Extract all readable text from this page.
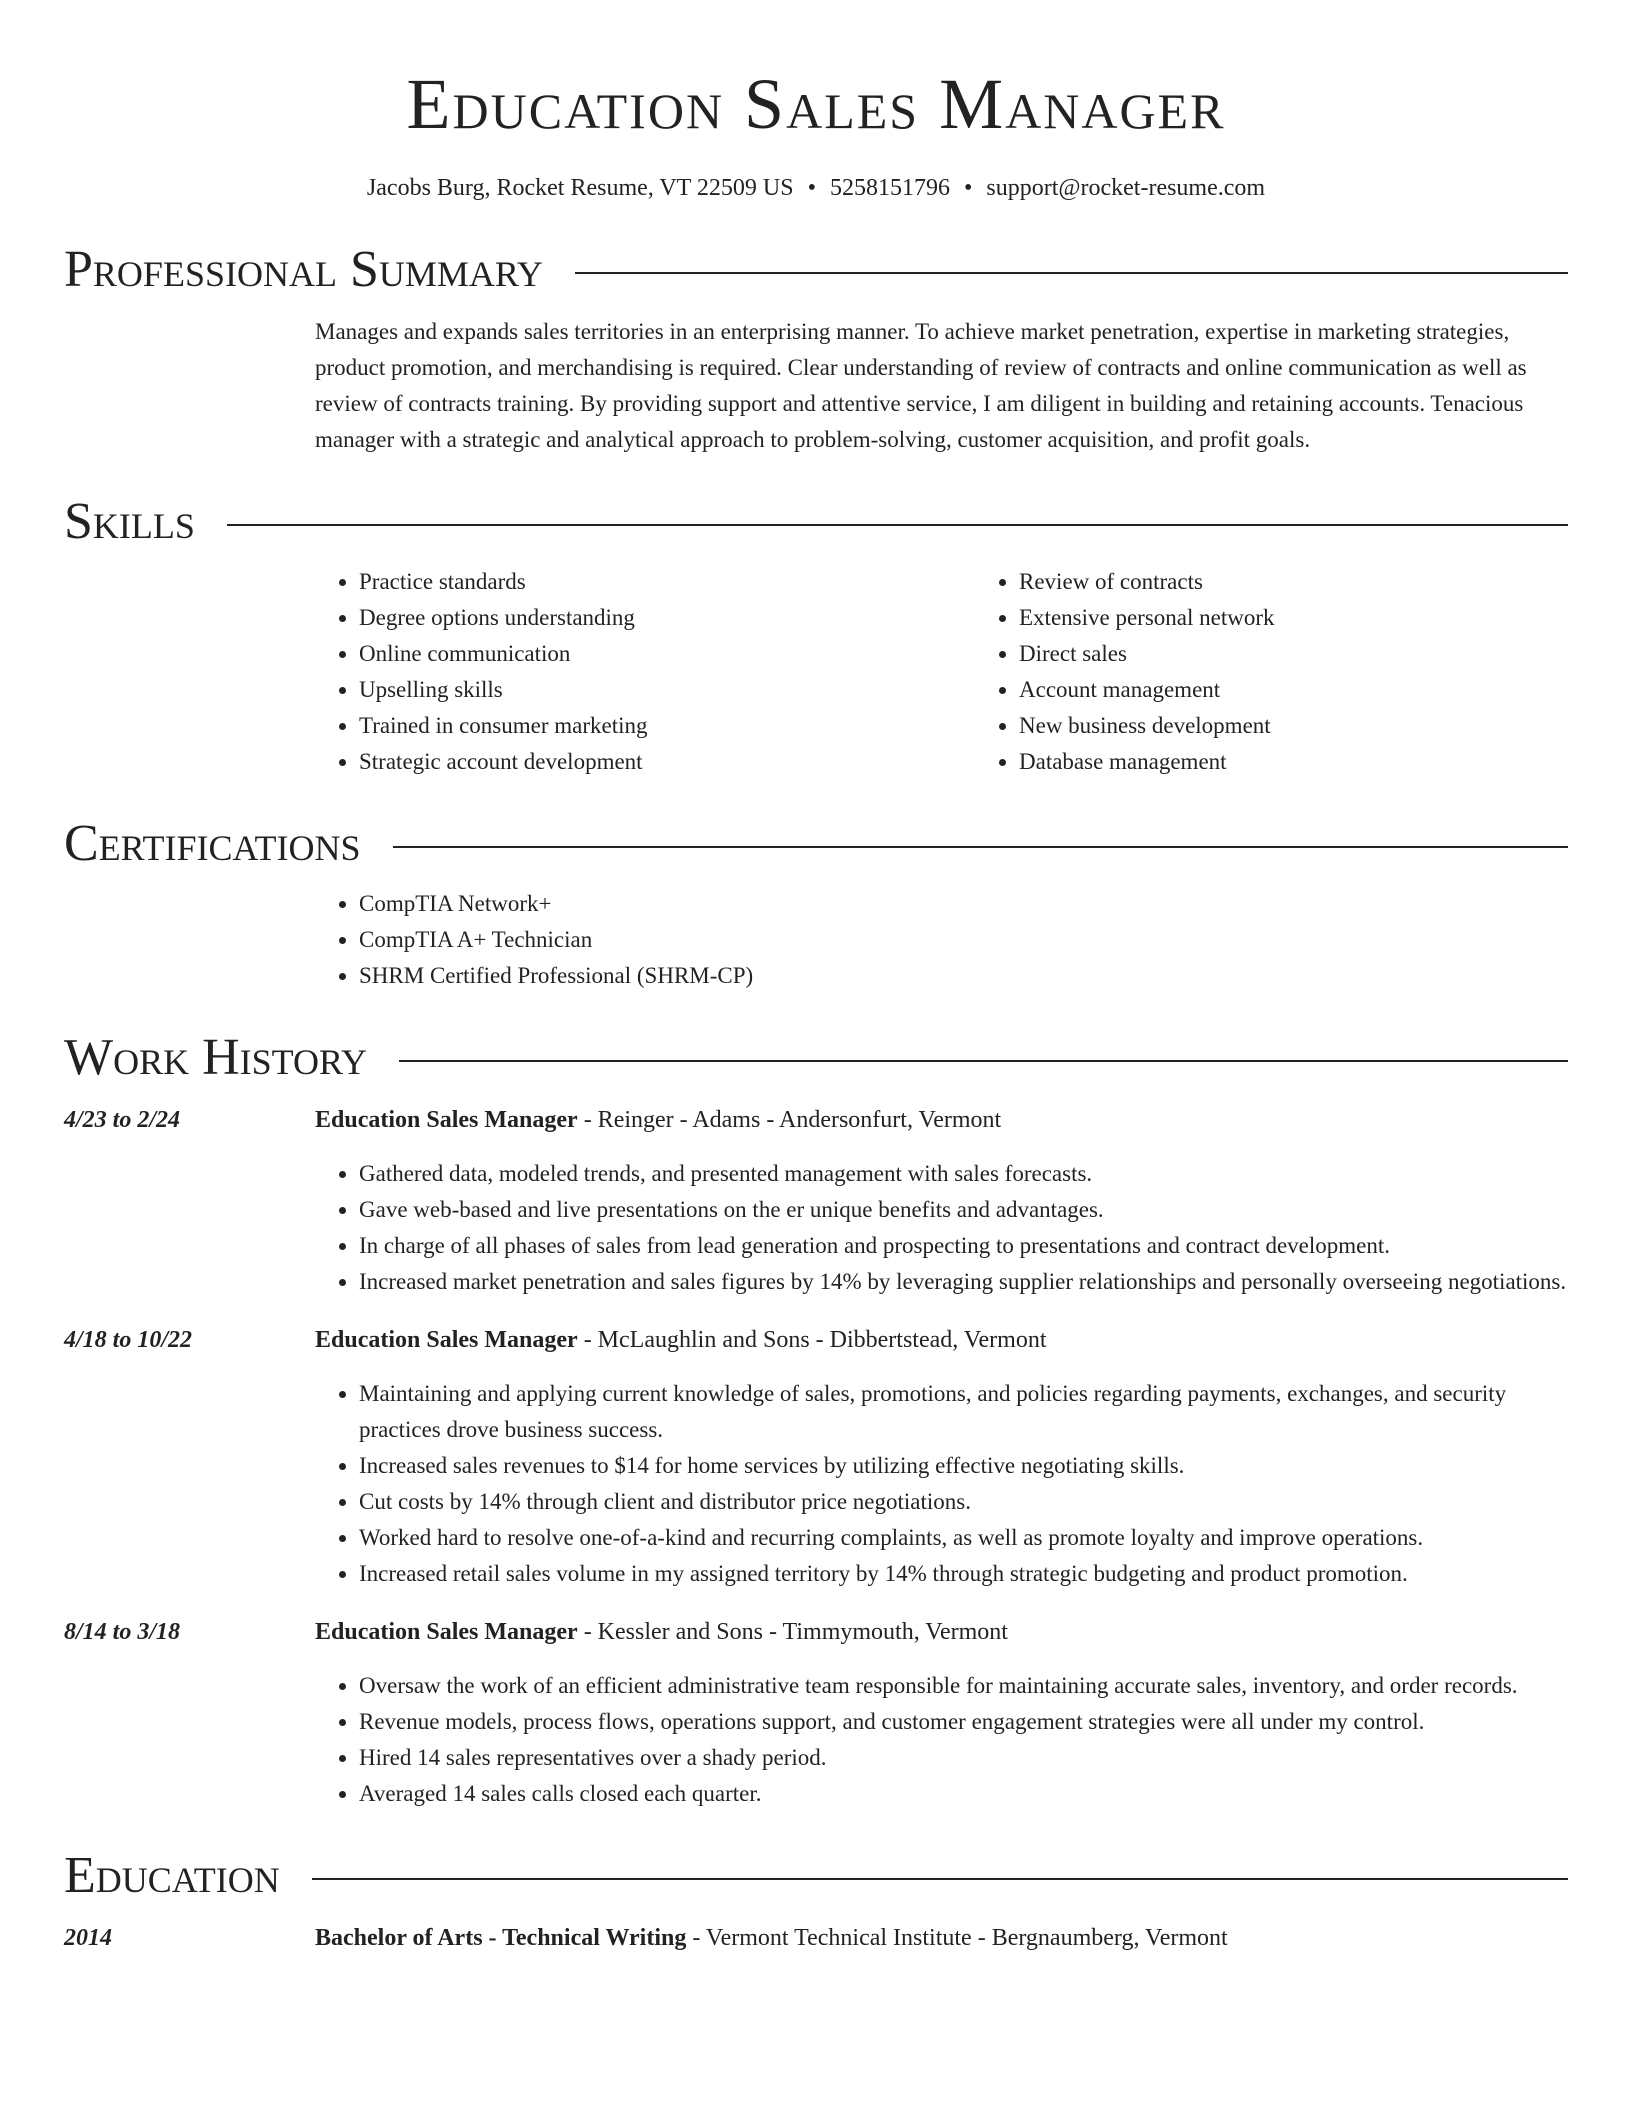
Education Sales Manager
Jacobs Burg, Rocket Resume, VT 22509 US • 5258151796 • support@rocket-resume.com
Professional Summary
Manages and expands sales territories in an enterprising manner. To achieve market penetration, expertise in marketing strategies, product promotion, and merchandising is required. Clear understanding of review of contracts and online communication as well as review of contracts training. By providing support and attentive service, I am diligent in building and retaining accounts. Tenacious manager with a strategic and analytical approach to problem-solving, customer acquisition, and profit goals.
Skills
• Practice standards
• Degree options understanding
• Online communication
• Upselling skills
• Trained in consumer marketing
• Strategic account development
• Review of contracts
• Extensive personal network
• Direct sales
• Account management
• New business development
• Database management
Certifications
• CompTIA Network+
• CompTIA A+ Technician
• SHRM Certified Professional (SHRM-CP)
Work History
4/23 to 2/24	Education Sales Manager - Reinger - Adams - Andersonfurt, Vermont
• Gathered data, modeled trends, and presented management with sales forecasts.
• Gave web-based and live presentations on the er unique benefits and advantages.
• In charge of all phases of sales from lead generation and prospecting to presentations and contract development.
• Increased market penetration and sales figures by 14% by leveraging supplier relationships and personally overseeing negotiations.
4/18 to 10/22	Education Sales Manager - McLaughlin and Sons - Dibbertstead, Vermont
• Maintaining and applying current knowledge of sales, promotions, and policies regarding payments, exchanges, and security practices drove business success.
• Increased sales revenues to $14 for home services by utilizing effective negotiating skills.
• Cut costs by 14% through client and distributor price negotiations.
• Worked hard to resolve one-of-a-kind and recurring complaints, as well as promote loyalty and improve operations.
• Increased retail sales volume in my assigned territory by 14% through strategic budgeting and product promotion.
8/14 to 3/18	Education Sales Manager - Kessler and Sons - Timmymouth, Vermont
• Oversaw the work of an efficient administrative team responsible for maintaining accurate sales, inventory, and order records.
• Revenue models, process flows, operations support, and customer engagement strategies were all under my control.
• Hired 14 sales representatives over a shady period.
• Averaged 14 sales calls closed each quarter.
Education
2014	Bachelor of Arts - Technical Writing - Vermont Technical Institute - Bergnaumberg, Vermont
